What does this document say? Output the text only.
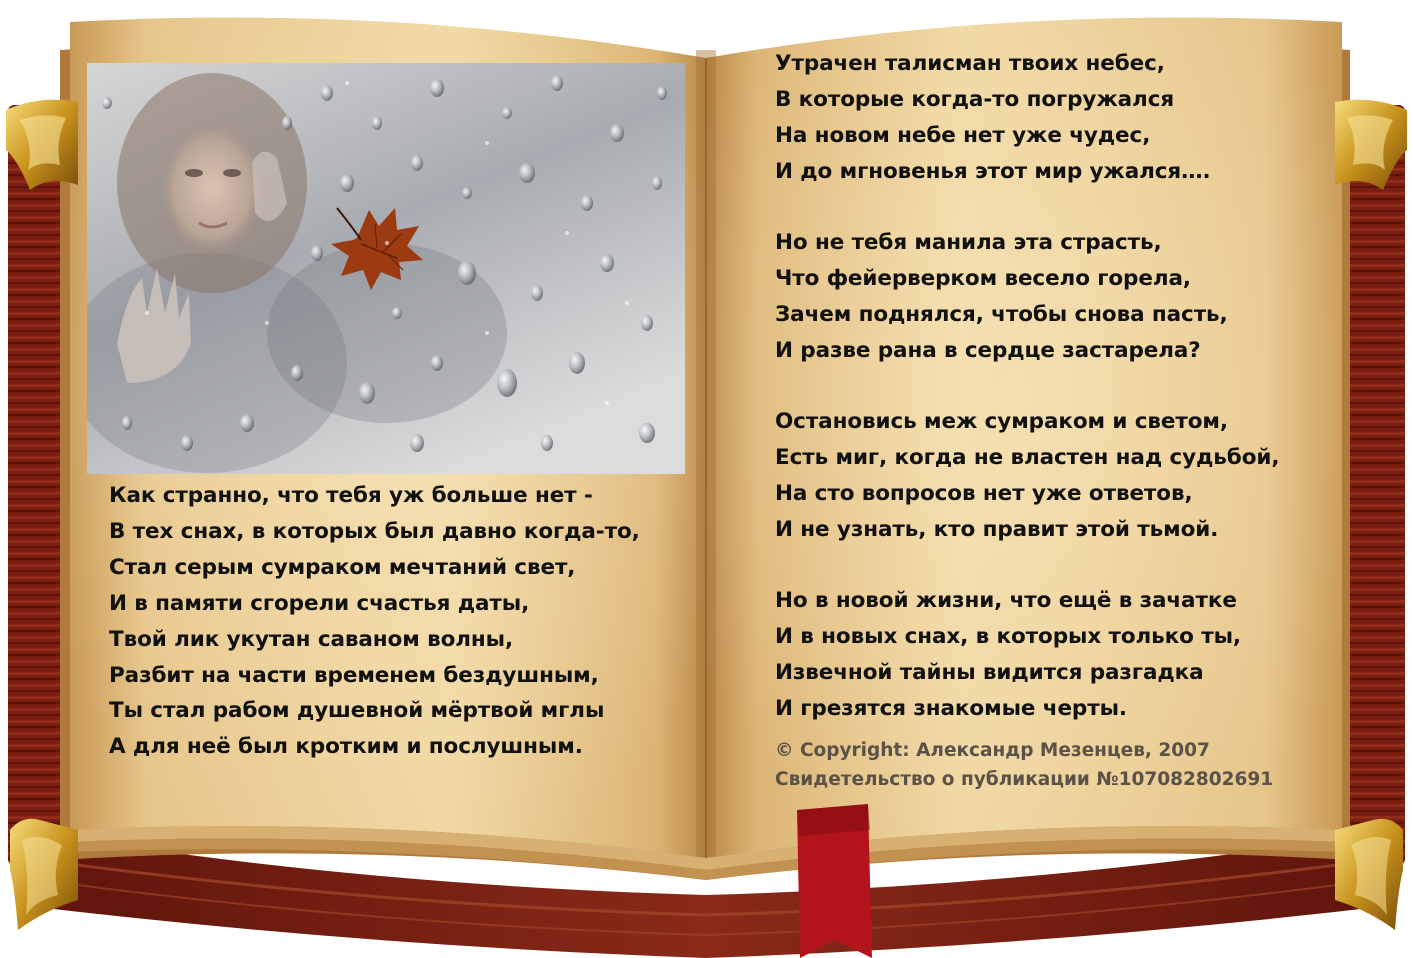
Как странно, что тебя уж больше нет -
В тех снах, в которых был давно когда-то,
Стал серым сумраком мечтаний свет,
И в памяти сгорели счастья даты,
Твой лик укутан саваном волны,
Разбит на части временем бездушным,
Ты стал рабом душевной мёртвой мглы
А для неё был кротким и послушным.

Утрачен талисман твоих небес,
В которые когда-то погружался
На новом небе нет уже чудес,
И до мгновенья этот мир ужался….

Но не тебя манила эта страсть,
Что фейерверком весело горела,
Зачем поднялся, чтобы снова пасть,
И разве рана в сердце застарела?

Остановись меж сумраком и светом,
Есть миг, когда не властен над судьбой,
На сто вопросов нет уже ответов,
И не узнать, кто правит этой тьмой.

Но в новой жизни, что ещё в зачатке
И в новых снах, в которых только ты,
Извечной тайны видится разгадка
И грезятся знакомые черты.

© Copyright: Александр Мезенцев, 2007
Свидетельство о публикации №107082802691
